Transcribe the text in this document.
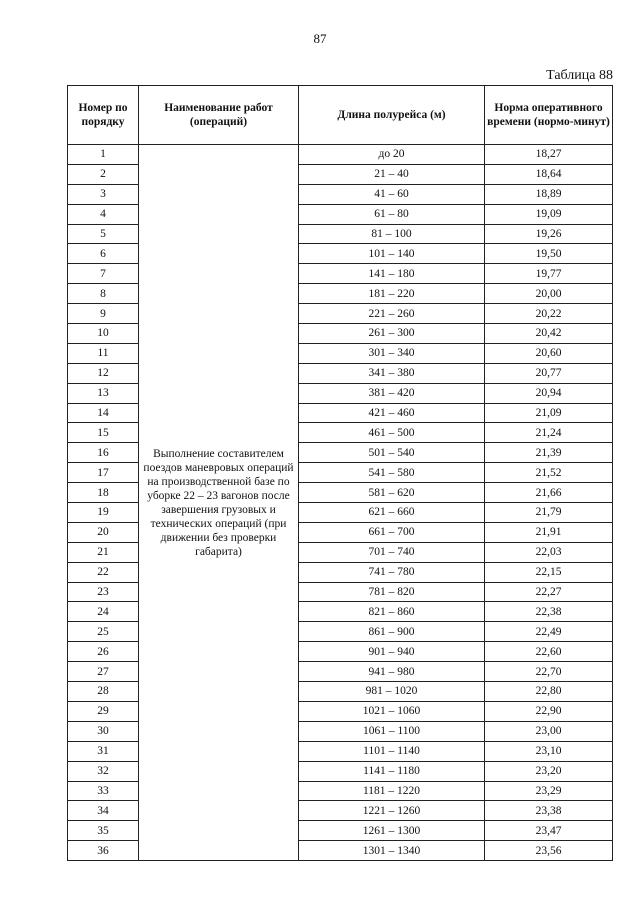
87
Таблица 88
Номер по порядку	Наименование работ (операций)	Длина полурейса (м)	Норма оперативного времени (нормо-минут)
1	Выполнение составителем поездов маневровых операций на производственной базе по уборке 22 – 23 вагонов после завершения грузовых и технических операций (при движении без проверки габарита)	до 20	18,27
2		21 – 40	18,64
3		41 – 60	18,89
4		61 – 80	19,09
5		81 – 100	19,26
6		101 – 140	19,50
7		141 – 180	19,77
8		181 – 220	20,00
9		221 – 260	20,22
10		261 – 300	20,42
11		301 – 340	20,60
12		341 – 380	20,77
13		381 – 420	20,94
14		421 – 460	21,09
15		461 – 500	21,24
16		501 – 540	21,39
17		541 – 580	21,52
18		581 – 620	21,66
19		621 – 660	21,79
20		661 – 700	21,91
21		701 – 740	22,03
22		741 – 780	22,15
23		781 – 820	22,27
24		821 – 860	22,38
25		861 – 900	22,49
26		901 – 940	22,60
27		941 – 980	22,70
28		981 – 1020	22,80
29		1021 – 1060	22,90
30		1061 – 1100	23,00
31		1101 – 1140	23,10
32		1141 – 1180	23,20
33		1181 – 1220	23,29
34		1221 – 1260	23,38
35		1261 – 1300	23,47
36		1301 – 1340	23,56
